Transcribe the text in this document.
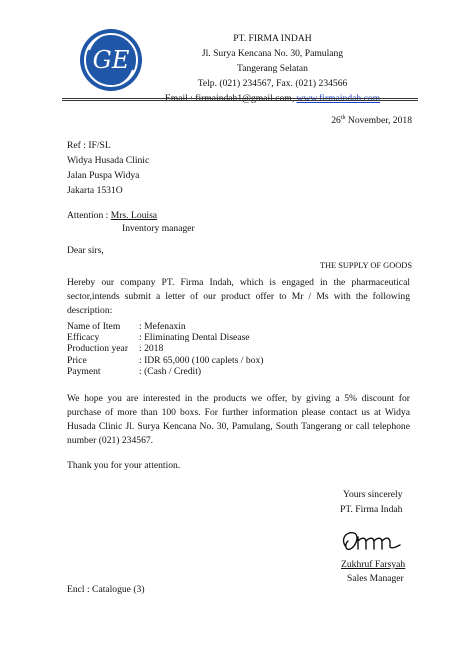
GE
PT. FIRMA INDAH
Jl. Surya Kencana No. 30, Pamulang
Tangerang Selatan
Telp. (021) 234567, Fax. (021) 234566
Email : firmaindah1@gmail.com, www.firmaindah.com
26th November, 2018
Ref : IF/SL
Widya Husada Clinic
Jalan Puspa Widya
Jakarta 1531O
Attention : Mrs. Louisa
Inventory manager
Dear sirs,
THE SUPPLY OF GOODS
Hereby our company PT. Firma Indah, which is engaged in the pharmaceutical sector,intends submit a letter of our product offer to Mr / Ms with the following description:
Name of Item	: Mefenaxin
Efficacy	: Eliminating Dental Disease
Production year	: 2018
Price	: IDR 65,000 (100 caplets / box)
Payment	: (Cash / Credit)
We hope you are interested in the products we offer, by giving a 5% discount for purchase of more than 100 boxs. For further information please contact us at Widya Husada Clinic Jl. Surya Kencana No. 30, Pamulang, South Tangerang or call telephone number (021) 234567.
Thank you for your attention.
Yours sincerely
PT. Firma Indah
Zukhruf Farsyah
Sales Manager
Encl : Catalogue (3)
